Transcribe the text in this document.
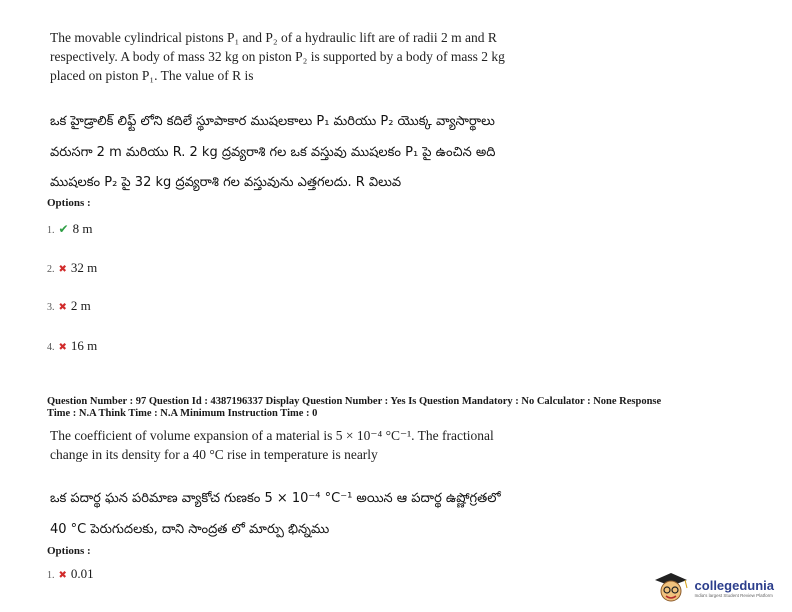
The movable cylindrical pistons P₁ and P₂ of a hydraulic lift are of radii 2 m and R
respectively. A body of mass 32 kg on piston P₂ is supported by a body of mass 2 kg
placed on piston P₁. The value of R is
ఒక హైడ్రాలిక్ లిఫ్ట్ లోని కదిలే స్థూపాకార ముషలకాలు P₁ మరియు P₂ యొక్క వ్యాసార్థాలు
వరుసగా 2 m మరియు R. 2 kg ద్రవ్యరాశి గల ఒక వస్తువు ముషలకం P₁ పై ఉంచిన అది
ముషలకం P₂ పై 32 kg ద్రవ్యరాశి గల వస్తువును ఎత్తగలదు. R విలువ
Options :
1. ✔ 8 m
2. ✖ 32 m
3. ✖ 2 m
4. ✖ 16 m
Question Number : 97 Question Id : 4387196337 Display Question Number : Yes Is Question Mandatory : No Calculator : None Response
Time : N.A Think Time : N.A Minimum Instruction Time : 0
The coefficient of volume expansion of a material is 5 × 10⁻⁴ °C⁻¹. The fractional
change in its density for a 40 °C rise in temperature is nearly
ఒక పదార్థ ఘన పరిమాణ వ్యాకోచ గుణకం 5 × 10⁻⁴ °C⁻¹ అయిన ఆ పదార్థ ఉష్ణోగ్రతలో
40 °C పెరుగుదలకు, దాని సాంద్రత లో మార్పు భిన్నము
Options :
1. ✖ 0.01
collegedunia
India's largest Student Review Platform
